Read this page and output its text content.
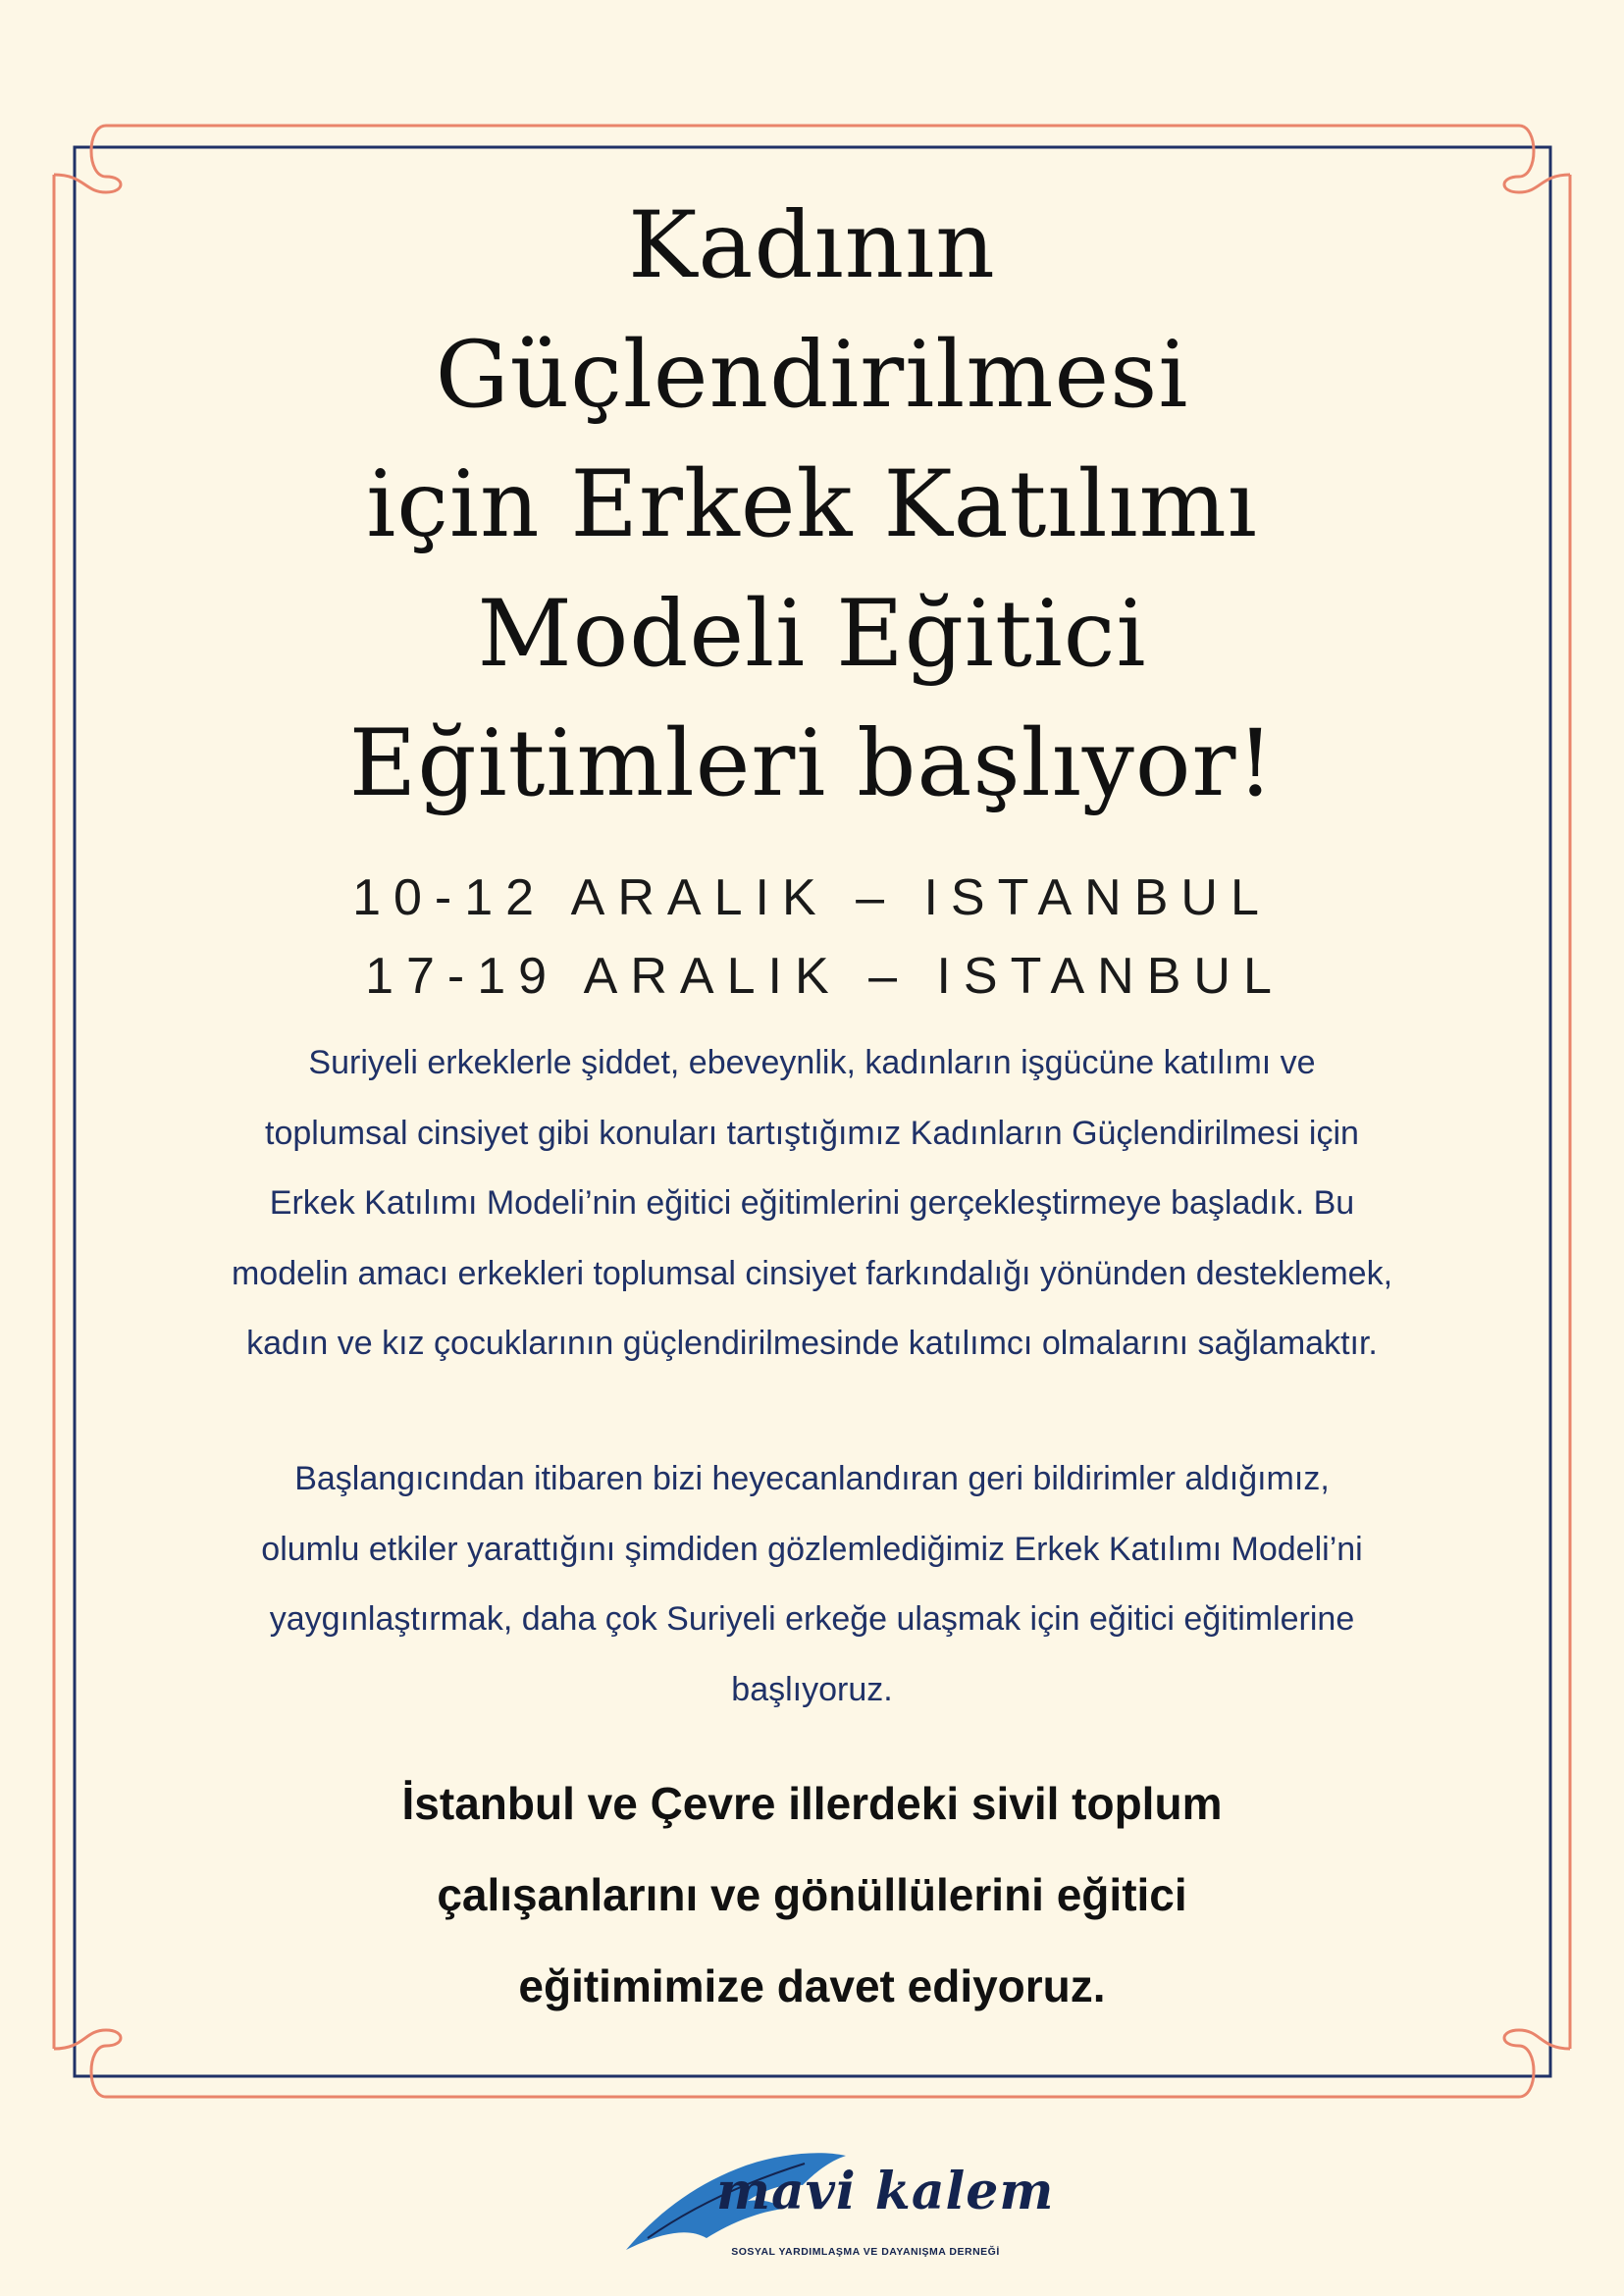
Kadının
Güçlendirilmesi
için Erkek Katılımı
Modeli Eğitici
Eğitimleri başlıyor!
10-12 ARALIK – ISTANBUL
17-19 ARALIK – ISTANBUL

Suriyeli erkeklerle şiddet, ebeveynlik, kadınların işgücüne katılımı ve
toplumsal cinsiyet gibi konuları tartıştığımız Kadınların Güçlendirilmesi için
Erkek Katılımı Modeli’nin eğitici eğitimlerini gerçekleştirmeye başladık. Bu
modelin amacı erkekleri toplumsal cinsiyet farkındalığı yönünden desteklemek,
kadın ve kız çocuklarının güçlendirilmesinde katılımcı olmalarını sağlamaktır.

Başlangıcından itibaren bizi heyecanlandıran geri bildirimler aldığımız,
olumlu etkiler yarattığını şimdiden gözlemlediğimiz Erkek Katılımı Modeli’ni
yaygınlaştırmak, daha çok Suriyeli erkeğe ulaşmak için eğitici eğitimlerine
başlıyoruz.

İstanbul ve Çevre illerdeki sivil toplum
çalışanlarını ve gönüllülerini eğitici
eğitimimize davet ediyoruz.

mavi kalem
SOSYAL YARDIMLAŞMA VE DAYANIŞMA DERNEĞİ
